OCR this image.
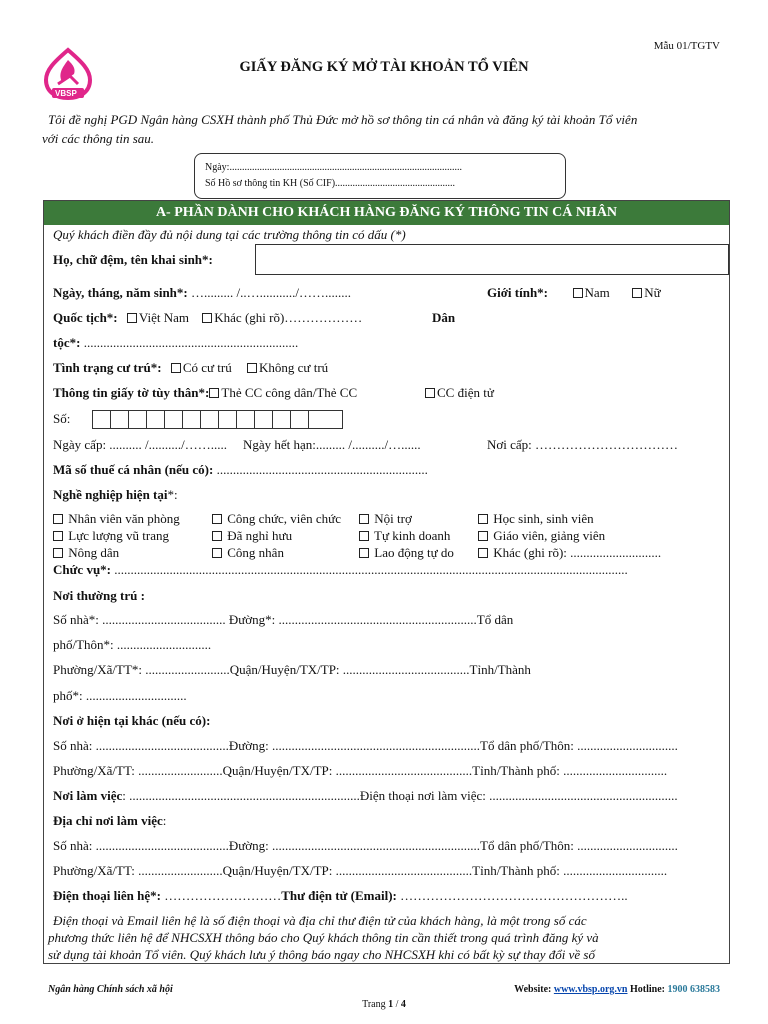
Mẫu 01/TGTV
VBSP
GIẤY ĐĂNG KÝ MỞ TÀI KHOẢN TỔ VIÊN
Tôi đề nghị PGD Ngân hàng CSXH thành phố Thủ Đức mở hồ sơ thông tin cá nhân và đăng ký tài khoản Tổ viên
với các thông tin sau.
Ngày:.............................................................................................
Số Hồ sơ thông tin KH (Số CIF)................................................
A- PHẦN DÀNH CHO KHÁCH HÀNG ĐĂNG KÝ THÔNG TIN CÁ NHÂN
Quý khách điền đầy đủ nội dung tại các trường thông tin có dấu (*)
Họ, chữ đệm, tên khai sinh*:
Ngày, tháng, năm sinh*: …......... /..….........../……........	Giới tính*:	Nam	Nữ
Quốc tịch*: Việt Nam Khác (ghi rõ)………………	Dân
tộc*: ..................................................................
Tình trạng cư trú*: Có cư trú Không cư trú
Thông tin giấy tờ tùy thân*: Thẻ CC công dân/Thẻ CC	CC điện tử
Số:
Ngày cấp: .......... /........../……..... Ngày hết hạn:......... /........../…......	Nơi cấp: ……………………………
Mã số thuế cá nhân (nếu có): .................................................................
Nghề nghiệp hiện tại*:
Nhân viên văn phòng	Công chức, viên chức	Nội trợ	Học sinh, sinh viên
Lực lượng vũ trang	Đã nghỉ hưu	Tự kinh doanh	Giáo viên, giảng viên
Nông dân	Công nhân	Lao động tự do	Khác (ghi rõ): ............................
Chức vụ*: ..............................................................................................................................................................
Nơi thường trú :
Số nhà*: ...................................... Đường*: .............................................................Tổ dân
phố/Thôn*: .............................
Phường/Xã/TT*: ..........................Quận/Huyện/TX/TP: .......................................Tỉnh/Thành
phố*: ...............................
Nơi ở hiện tại khác (nếu có):
Số nhà: .........................................Đường: ................................................................Tổ dân phố/Thôn: ...............................
Phường/Xã/TT: ..........................Quận/Huyện/TX/TP: ..........................................Tỉnh/Thành phố: ................................
Nơi làm việc: .......................................................................Điện thoại nơi làm việc: ..........................................................
Địa chỉ nơi làm việc:
Số nhà: .........................................Đường: ................................................................Tổ dân phố/Thôn: ...............................
Phường/Xã/TT: ..........................Quận/Huyện/TX/TP: ..........................................Tỉnh/Thành phố: ................................
Điện thoại liên hệ*: ………………………Thư điện tử (Email): ……………………………………………..
Điện thoại và Email liên hệ là số điện thoại và địa chỉ thư điện tử của khách hàng, là một trong số các
phương thức liên hệ để NHCSXH thông báo cho Quý khách thông tin cần thiết trong quá trình đăng ký và
sử dụng tài khoản Tổ viên. Quý khách lưu ý thông báo ngay cho NHCSXH khi có bất kỳ sự thay đổi về số
Ngân hàng Chính sách xã hội	Website: www.vbsp.org.vn Hotline: 1900 638583
Trang 1 / 4
